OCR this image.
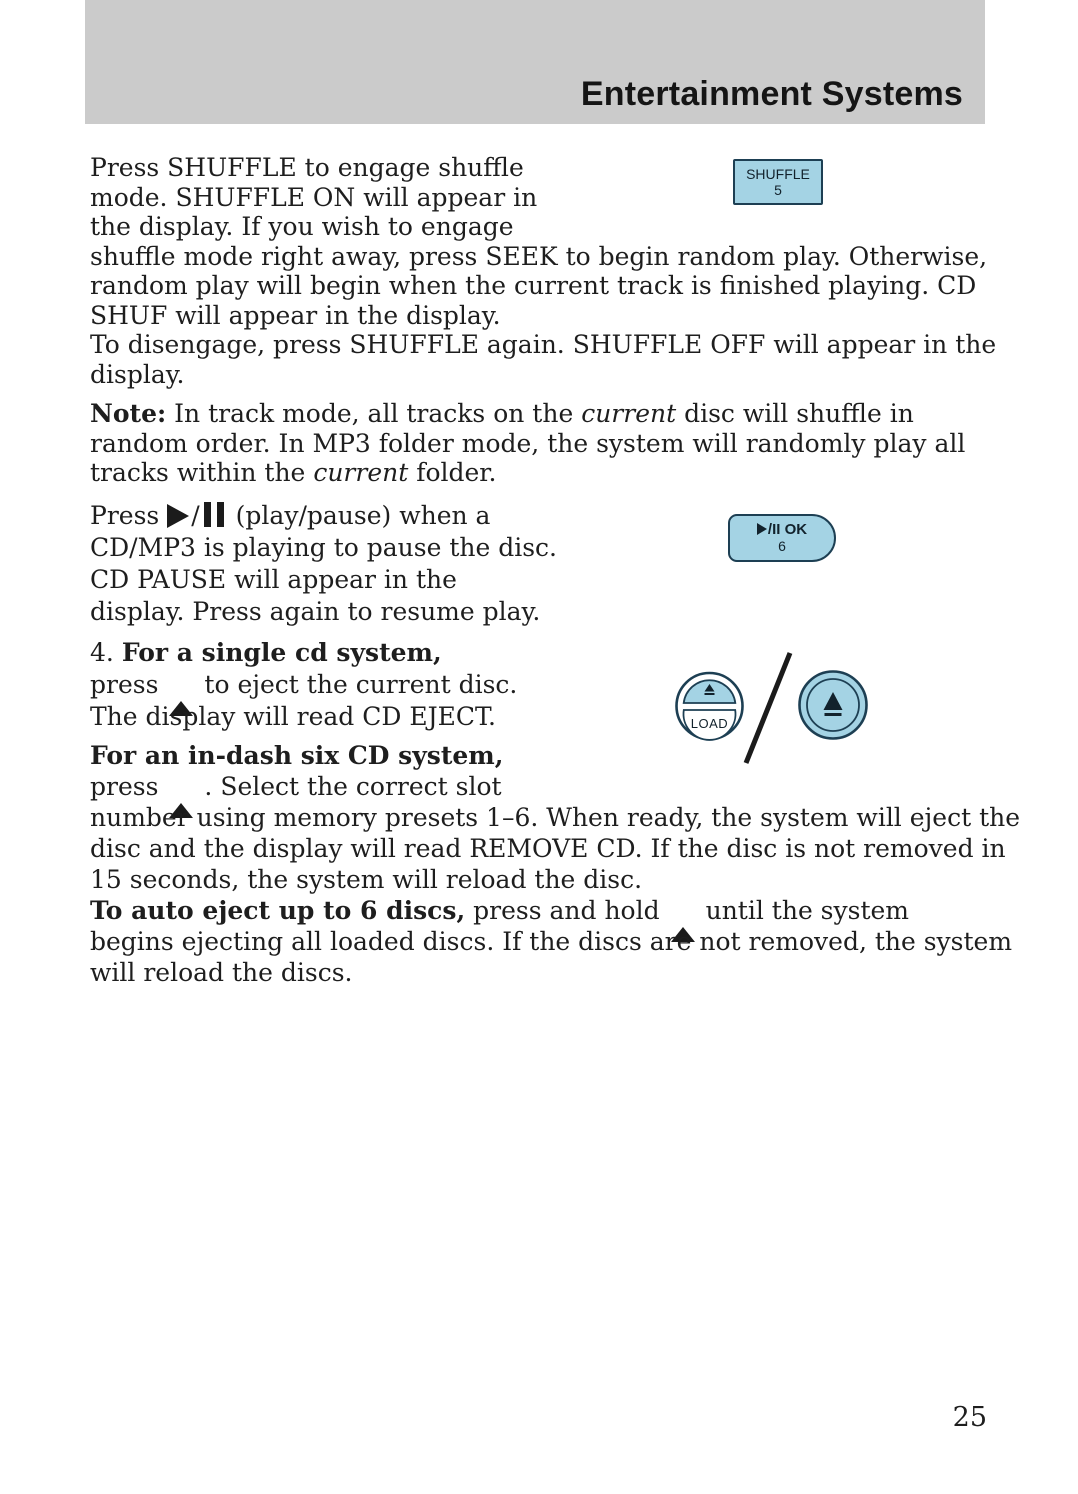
Entertainment Systems
Press SHUFFLE to engage shuffle
mode. SHUFFLE ON will appear in
the display. If you wish to engage
shuffle mode right away, press SEEK to begin random play. Otherwise,
random play will begin when the current track is finished playing. CD
SHUF will appear in the display.
To disengage, press SHUFFLE again. SHUFFLE OFF will appear in the
display.
SHUFFLE
5
Note: In track mode, all tracks on the current disc will shuffle in
random order. In MP3 folder mode, the system will randomly play all
tracks within the current folder.
Press / (play/pause) when a
CD/MP3 is playing to pause the disc.
CD PAUSE will appear in the
display. Press again to resume play.
/II OK
6
4. For a single cd system,
press to eject the current disc.
The display will read CD EJECT.	LOAD
For an in-dash six CD system,
press . Select the correct slot
number using memory presets 1–6. When ready, the system will eject the
disc and the display will read REMOVE CD. If the disc is not removed in
15 seconds, the system will reload the disc.
To auto eject up to 6 discs, press and hold until the system
begins ejecting all loaded discs. If the discs are not removed, the system
will reload the discs.
25
